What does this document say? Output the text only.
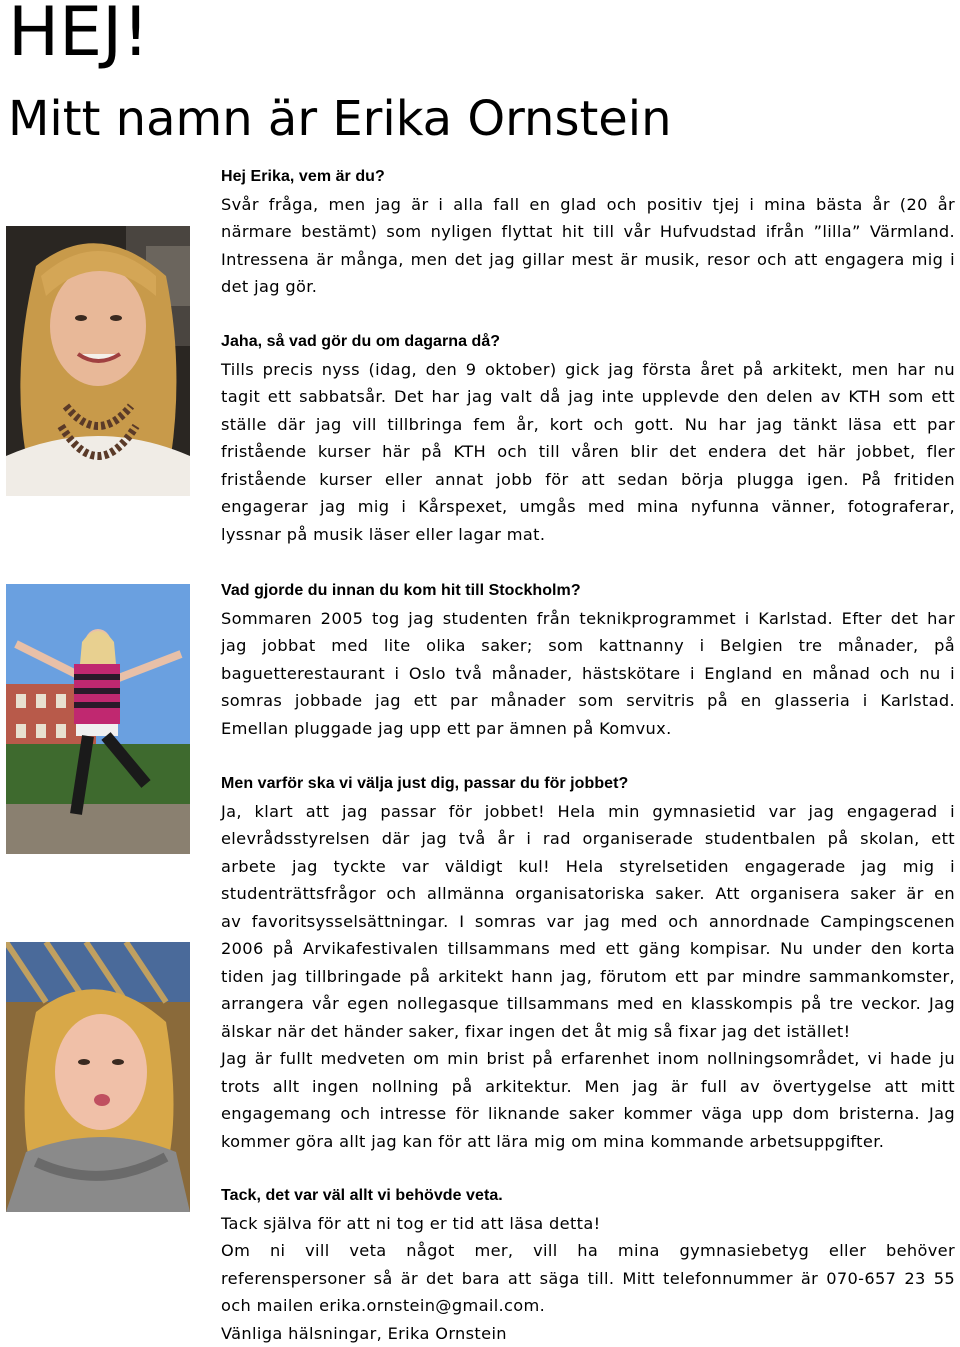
HEJ!
Mitt namn är Erika Ornstein

Hej Erika, vem är du?

Svår fråga, men jag är i alla fall en glad och positiv tjej i mina bästa år (20 år
närmare bestämt) som nyligen flyttat hit till vår Hufvudstad ifrån ”lilla” Värmland.
Intressena är många, men det jag gillar mest är musik, resor och att engagera mig i
det jag gör.

Jaha, så vad gör du om dagarna då?

Tills precis nyss (idag, den 9 oktober) gick jag första året på arkitekt, men har nu
tagit ett sabbatsår. Det har jag valt då jag inte upplevde den delen av KTH som ett
ställe där jag vill tillbringa fem år, kort och gott. Nu har jag tänkt läsa ett par
fristående kurser här på KTH och till våren blir det endera det här jobbet, fler
fristående kurser eller annat jobb för att sedan börja plugga igen. På fritiden
engagerar jag mig i Kårspexet, umgås med mina nyfunna vänner, fotograferar,
lyssnar på musik läser eller lagar mat.

Vad gjorde du innan du kom hit till Stockholm?

Sommaren 2005 tog jag studenten från teknikprogrammet i Karlstad. Efter det har
jag jobbat med lite olika saker; som kattnanny i Belgien tre månader, på
baguetterestaurant i Oslo två månader, hästskötare i England en månad och nu i
somras jobbade jag ett par månader som servitris på en glasseria i Karlstad.
Emellan pluggade jag upp ett par ämnen på Komvux.

Men varför ska vi välja just dig, passar du för jobbet?

Ja, klart att jag passar för jobbet! Hela min gymnasietid var jag engagerad i
elevrådsstyrelsen där jag två år i rad organiserade studentbalen på skolan, ett
arbete jag tyckte var väldigt kul! Hela styrelsetiden engagerade jag mig i
studenträttsfrågor och allmänna organisatoriska saker. Att organisera saker är en
av favoritsysselsättningar. I somras var jag med och annordnade Campingscenen
2006 på Arvikafestivalen tillsammans med ett gäng kompisar. Nu under den korta
tiden jag tillbringade på arkitekt hann jag, förutom ett par mindre sammankomster,
arrangera vår egen nollegasque tillsammans med en klasskompis på tre veckor. Jag
älskar när det händer saker, fixar ingen det åt mig så fixar jag det istället!
Jag är fullt medveten om min brist på erfarenhet inom nollningsområdet, vi hade ju
trots allt ingen nollning på arkitektur. Men jag är full av övertygelse att mitt
engagemang och intresse för liknande saker kommer väga upp dom bristerna. Jag
kommer göra allt jag kan för att lära mig om mina kommande arbetsuppgifter.

Tack, det var väl allt vi behövde veta.

Tack själva för att ni tog er tid att läsa detta!
Om ni vill veta något mer, vill ha mina gymnasiebetyg eller behöver
referenspersoner så är det bara att säga till. Mitt telefonnummer är 070-657 23 55
och mailen erika.ornstein@gmail.com.
Vänliga hälsningar, Erika Ornstein
